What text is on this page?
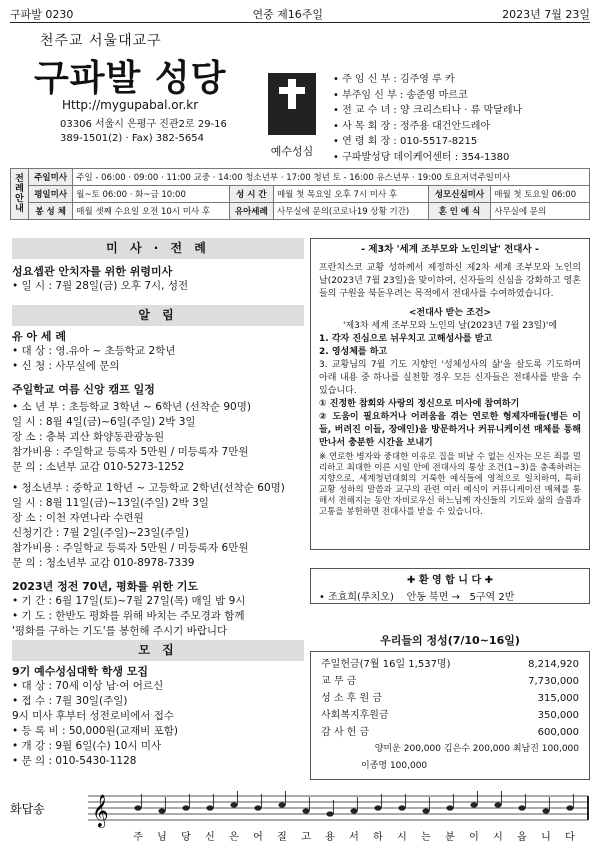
구파발 0230	연중 제16주일	2023년 7월 23일
천주교 서울대교구
구파발 성당
Http://mygupabal.or.kr
03306 서울시 은평구 진관2로 29-16
389-1501(2) · Fax) 382-5654
예수성심
• 주 임 신 부 : 김주영 루 카
• 부주임 신 부 : 송준영 마르코
• 전 교 수 녀 : 양 크리스티나 · 류 막달레나
• 사 목 회 장 : 정주용 대건안드레아
• 연 령 회 장 : 010-5517-8215
• 구파발성당 데이케어센터 : 354-1380
전례 안내	주일미사	주일 - 06:00 · 09:00 · 11:00 교중 · 14:00 청소년부 · 17:00 청년 토 - 16:00 유스년부 · 19:00 토요저녁주일미사				
	평일미사	월~토 06:00 · 화~금 10:00	성 시 간	매월 첫 목요일 오후 7시 미사 후	성모신심미사	매월 첫 토요일 06:00
	봉 성 체	매월 셋째 수요일 오전 10시 미사 후	유아세례	사무실에 문의(코로나19 상황 기간)	혼 인 예 식	사무실에 문의
미 사 · 전 례
성요셉관 안치자를 위한 위령미사
• 일 시 : 7월 28일(금) 오후 7시, 성전
알 림
유 아 세 례
• 대 상 : 영.유아 ~ 초등학교 2학년
• 신 청 : 사무실에 문의
주일학교 여름 신앙 캠프 일정
• 소 년 부 : 초등학교 3학년 ~ 6학년 (선착순 90명)
일 시 : 8월 4일(금)~6일(주일) 2박 3일
장 소 : 충북 괴산 화양동관광농원
참가비용 : 주일학교 등록자 5만원 / 미등록자 7만원
문 의 : 소년부 교감 010-5273-1252
• 청소년부 : 중학교 1학년 ~ 고등학교 2학년(선착순 60명)
일 시 : 8월 11일(금)~13일(주일) 2박 3일
장 소 : 이천 자연나라 수련원
신청기간 : 7월 2일(주일)~23일(주일)
참가비용 : 주일학교 등록자 5만원 / 미등록자 6만원
문 의 : 청소년부 교감 010-8978-7339
2023년 정전 70년, 평화를 위한 기도
• 기 간 : 6월 17일(토)~7월 27일(목) 매일 밤 9시
• 기 도 : 한반도 평화를 위해 바치는 주모경과 함께
'평화를 구하는 기도'를 봉헌해 주시기 바랍니다
모 집
9기 예수성심대학 학생 모집
• 대 상 : 70세 이상 남·여 어르신
• 접 수 : 7월 30일(주일)
9시 미사 후부터 성전로비에서 접수
• 등 록 비 : 50,000원(교재비 포함)
• 개 강 : 9월 6일(수) 10시 미사
• 문 의 : 010-5430-1128
- 제3차 '세계 조부모와 노인의날' 전대사 -

프란치스코 교황 성하께서 제정하신 제2차 세계 조부모와 노인의 날(2023년 7월 23일)을 맞이하여, 신자들의 신심을 강화하고 영혼들의 구원을 북돋우려는 목적에서 전대사를 수여하였습니다.

<전대사 받는 조건>
'제3차 세계 조부모와 노인의 날(2023년 7월 23일)'에
1. 각자 진심으로 뉘우치고 고해성사를 받고
2. 영성체를 하고

3. 교황님의 7월 기도 지향인 '성체성사의 삶'을 살도록 기도하며 아래 내용 중 하나를 실천할 경우 모든 신자들은 전대사를 받을 수 있습니다.

① 진정한 참회와 사랑의 정신으로 미사에 참여하기

② 도움이 필요하거나 어려움을 겪는 연로한 형제자매들(병든 이들, 버려진 이들, 장애인)을 방문하거나 커뮤니케이션 매체를 통해 만나서 충분한 시간을 보내기

※ 연로한 병자와 중대한 이유로 집을 떠날 수 없는 신자는 모든 죄를 멀리하고 최대한 이른 시일 안에 전대사의 통상 조건(1~3)을 충족하려는 지향으로, 세계청년대회의 거룩한 예식들에 영적으로 일치하여, 특히 교황 성하의 말씀과 교구의 관련 여러 예식이 커뮤니케이션 매체를 통해서 전해지는 동안 자비로우신 하느님께 자신들의 기도와 삶의 슬픔과 고통을 봉헌하면 전대사를 받을 수 있습니다.

✚ 환 영 합 니 다 ✚
• 조효희(루치오) 안동 북면 → 5구역 2반
우리들의 정성(7/10~16일)
주일헌금(7월 16일 1,537명)	8,214,920
교 무 금	7,730,000
성 소 후 원 금	315,000
사회복지후원금	350,000
감 사 헌 금	600,000
양미운 200,000 김은수 200,000 최남진 100,000
이종명 100,000
화답송 𝄞
주 님 당 신 은 어 질 고 용 서 하 시 는 분 이 시 옵 니 다
